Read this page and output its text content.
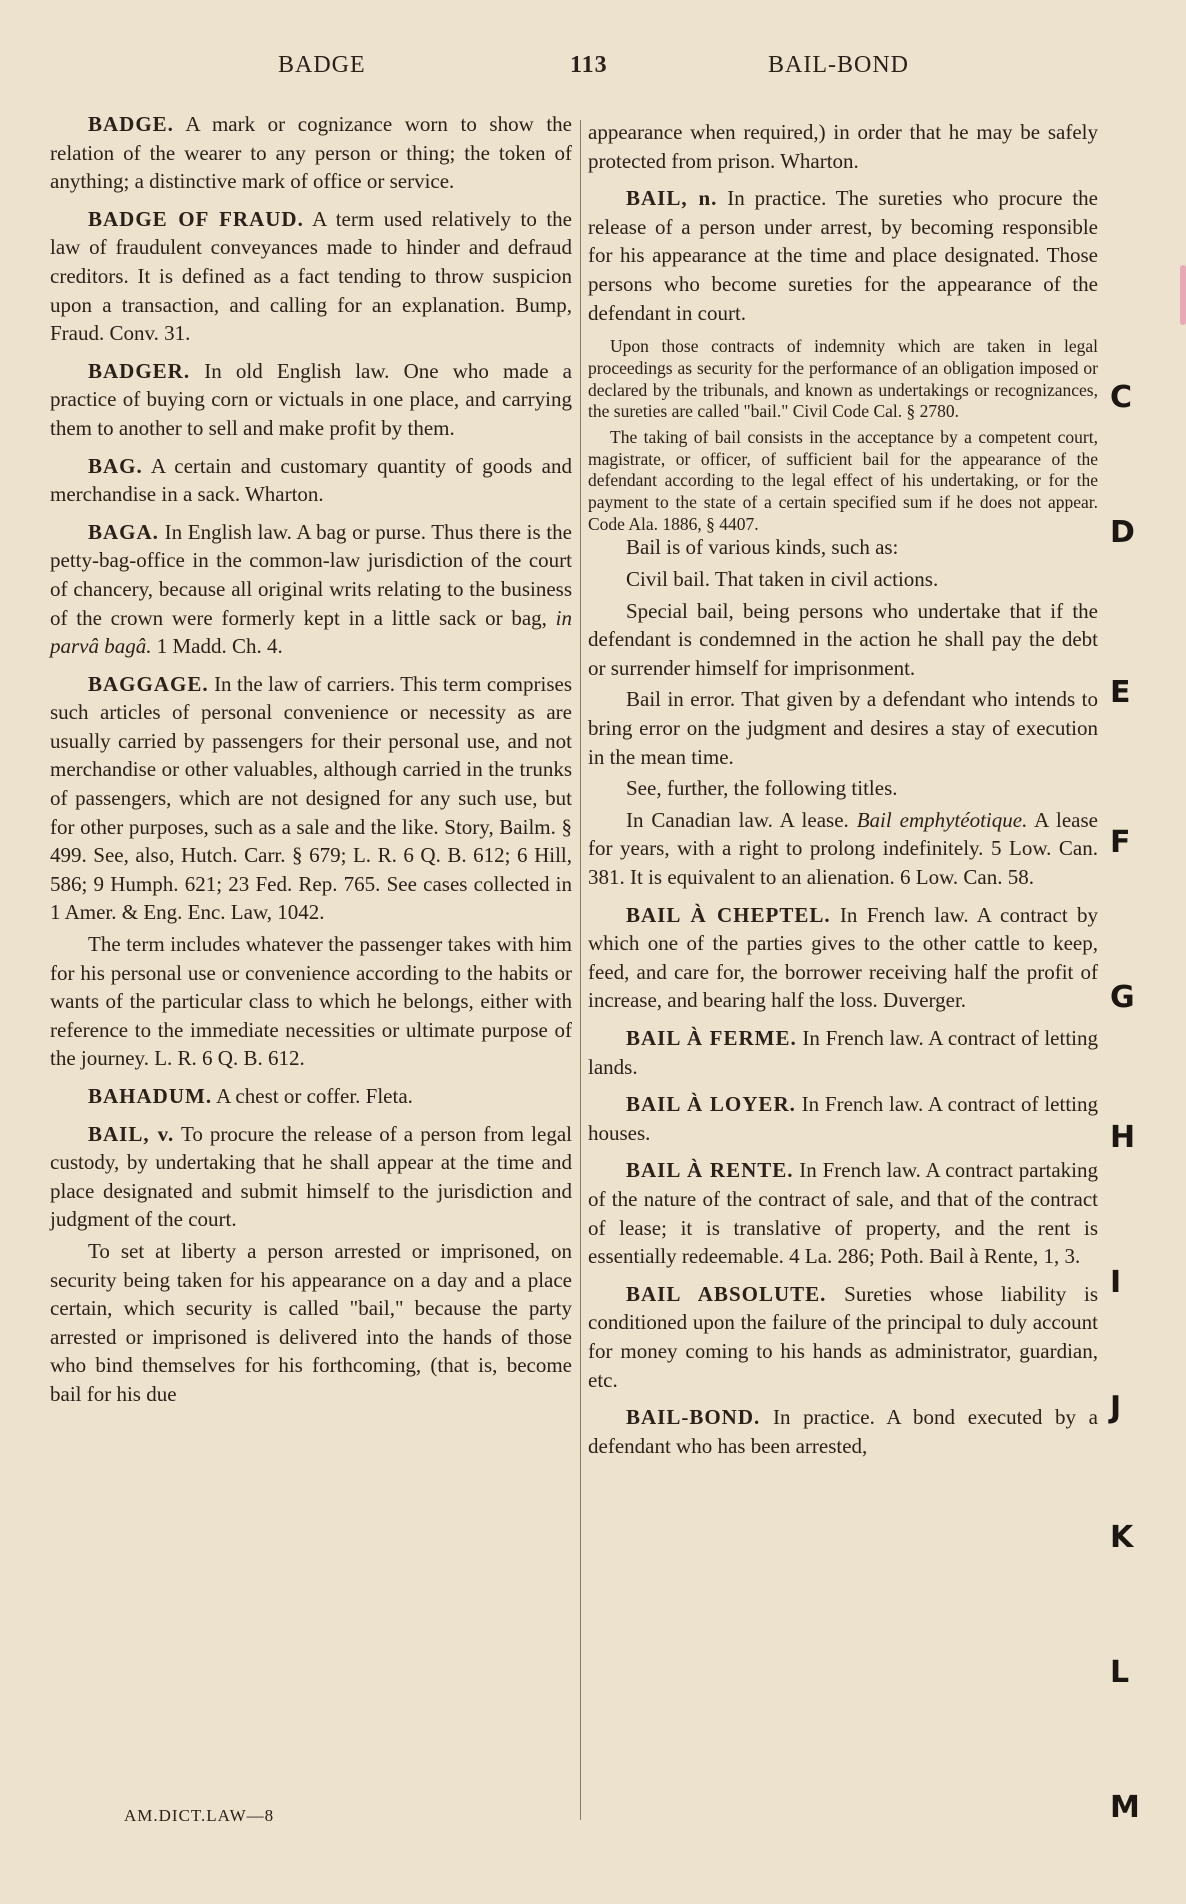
BADGE	113	BAIL-BOND

BADGE. A mark or cognizance worn to show the relation of the wearer to any person or thing; the token of anything; a distinctive mark of office or service.

BADGE OF FRAUD. A term used relatively to the law of fraudulent conveyances made to hinder and defraud creditors. It is defined as a fact tending to throw suspicion upon a transaction, and calling for an explanation. Bump, Fraud. Conv. 31.

BADGER. In old English law. One who made a practice of buying corn or victuals in one place, and carrying them to another to sell and make profit by them.

BAG. A certain and customary quantity of goods and merchandise in a sack. Wharton.

BAGA. In English law. A bag or purse. Thus there is the petty-bag-office in the common-law jurisdiction of the court of chancery, because all original writs relating to the business of the crown were formerly kept in a little sack or bag, in parvâ bagâ. 1 Madd. Ch. 4.

BAGGAGE. In the law of carriers. This term comprises such articles of personal convenience or necessity as are usually carried by passengers for their personal use, and not merchandise or other valuables, although carried in the trunks of passengers, which are not designed for any such use, but for other purposes, such as a sale and the like. Story, Bailm. § 499. See, also, Hutch. Carr. § 679; L. R. 6 Q. B. 612; 6 Hill, 586; 9 Humph. 621; 23 Fed. Rep. 765. See cases collected in 1 Amer. & Eng. Enc. Law, 1042.

The term includes whatever the passenger takes with him for his personal use or convenience according to the habits or wants of the particular class to which he belongs, either with reference to the immediate necessities or ultimate purpose of the journey. L. R. 6 Q. B. 612.

BAHADUM. A chest or coffer. Fleta.

BAIL, v. To procure the release of a person from legal custody, by undertaking that he shall appear at the time and place designated and submit himself to the jurisdiction and judgment of the court.

To set at liberty a person arrested or imprisoned, on security being taken for his appearance on a day and a place certain, which security is called "bail," because the party arrested or imprisoned is delivered into the hands of those who bind themselves for his forthcoming, (that is, become bail for his due

appearance when required,) in order that he may be safely protected from prison. Wharton.

BAIL, n. In practice. The sureties who procure the release of a person under arrest, by becoming responsible for his appearance at the time and place designated. Those persons who become sureties for the appearance of the defendant in court.

Upon those contracts of indemnity which are taken in legal proceedings as security for the performance of an obligation imposed or declared by the tribunals, and known as undertakings or recognizances, the sureties are called "bail." Civil Code Cal. § 2780.

The taking of bail consists in the acceptance by a competent court, magistrate, or officer, of sufficient bail for the appearance of the defendant according to the legal effect of his undertaking, or for the payment to the state of a certain specified sum if he does not appear. Code Ala. 1886, § 4407.

Bail is of various kinds, such as:

Civil bail. That taken in civil actions.

Special bail, being persons who undertake that if the defendant is condemned in the action he shall pay the debt or surrender himself for imprisonment.

Bail in error. That given by a defendant who intends to bring error on the judgment and desires a stay of execution in the mean time.

See, further, the following titles.

In Canadian law. A lease. Bail emphytéotique. A lease for years, with a right to prolong indefinitely. 5 Low. Can. 381. It is equivalent to an alienation. 6 Low. Can. 58.

BAIL À CHEPTEL. In French law. A contract by which one of the parties gives to the other cattle to keep, feed, and care for, the borrower receiving half the profit of increase, and bearing half the loss. Duverger.

BAIL À FERME. In French law. A contract of letting lands.

BAIL À LOYER. In French law. A contract of letting houses.

BAIL À RENTE. In French law. A contract partaking of the nature of the contract of sale, and that of the contract of lease; it is translative of property, and the rent is essentially redeemable. 4 La. 286; Poth. Bail à Rente, 1, 3.

BAIL ABSOLUTE. Sureties whose liability is conditioned upon the failure of the principal to duly account for money coming to his hands as administrator, guardian, etc.

BAIL-BOND. In practice. A bond executed by a defendant who has been arrested,

AM.DICT.LAW—8
C
D
E
F
G
H
I
J
K
L
M
